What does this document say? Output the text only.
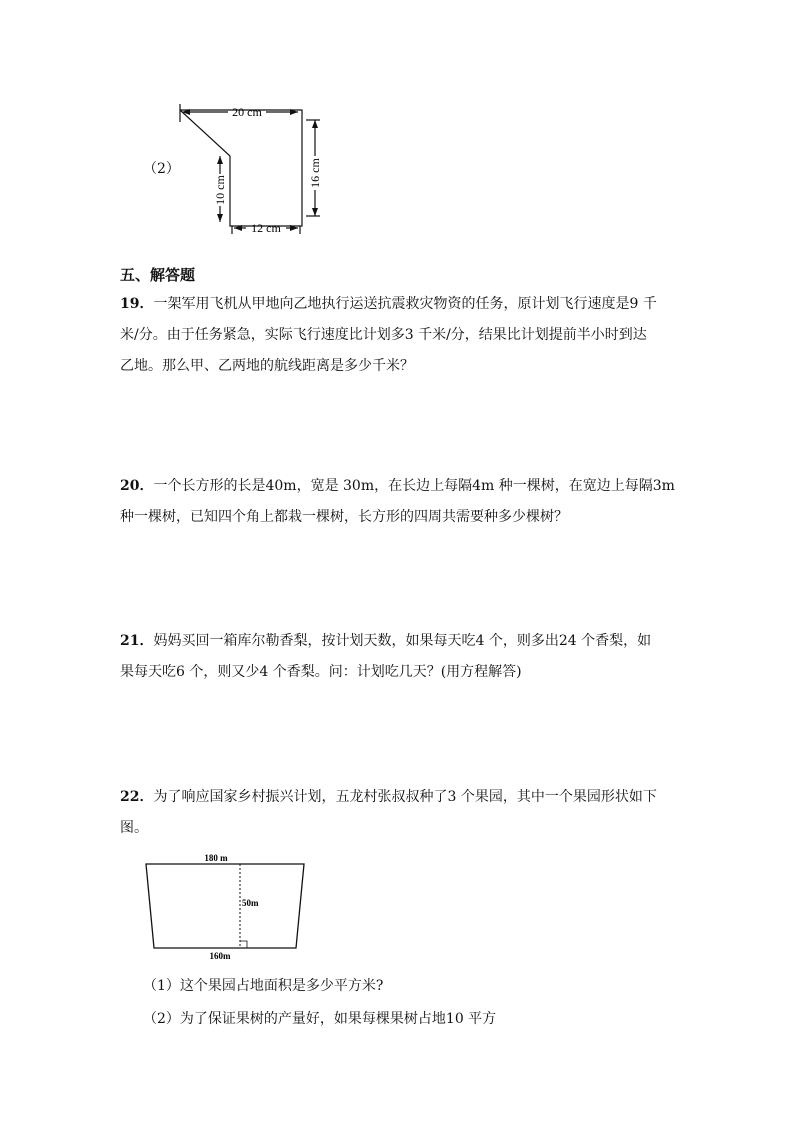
（2）
20 cm
16 cm
10 cm
12 cm
五、解答题
19．一架军用飞机从甲地向乙地执行运送抗震救灾物资的任务，原计划飞行速度是9 千
米/分。由于任务紧急，实际飞行速度比计划多3 千米/分，结果比计划提前半小时到达
乙地。那么甲、乙两地的航线距离是多少千米？
20．一个长方形的长是40m，宽是 30m，在长边上每隔4m 种一棵树，在宽边上每隔3m
种一棵树，已知四个角上都栽一棵树，长方形的四周共需要种多少棵树？
21．妈妈买回一箱库尔勒香梨，按计划天数，如果每天吃4 个，则多出24 个香梨，如
果每天吃6 个，则又少4 个香梨。问：计划吃几天？(用方程解答)
22．为了响应国家乡村振兴计划，五龙村张叔叔种了3 个果园，其中一个果园形状如下
图。
180 m
50m
160m
（1）这个果园占地面积是多少平方米?
（2）为了保证果树的产量好，如果每棵果树占地10 平方
